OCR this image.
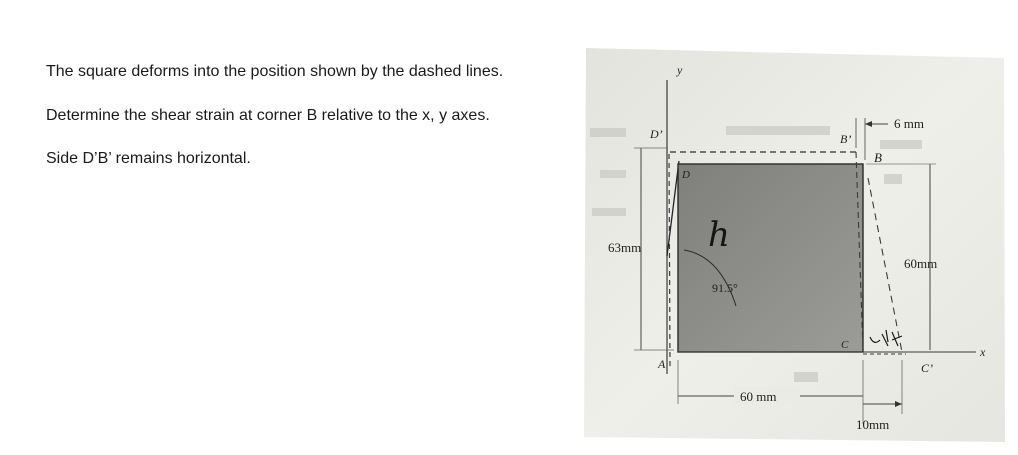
The square deforms into the position shown by the dashed lines.

Determine the shear strain at corner B relative to the x, y axes.

Side D’B’ remains horizontal.

y
x
63mm
60mm
6 mm
D’
D
B’
B
A
C
C’
91.5°
h
60 mm
10mm
